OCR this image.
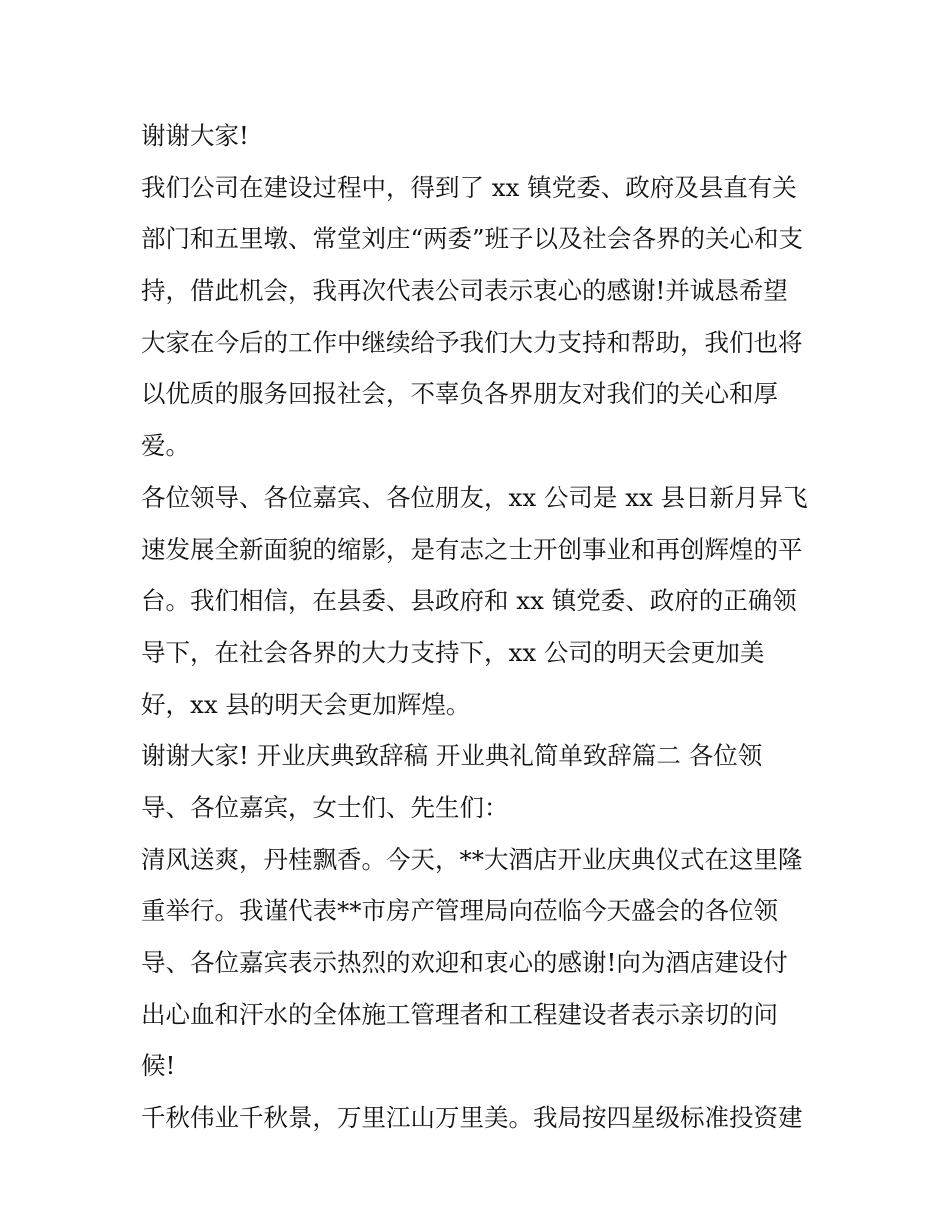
谢谢大家!
我们公司在建设过程中，得到了 xx 镇党委、政府及县直有关
部门和五里墩、常堂刘庄“两委”班子以及社会各界的关心和支
持，借此机会，我再次代表公司表示衷心的感谢!并诚恳希望
大家在今后的工作中继续给予我们大力支持和帮助，我们也将
以优质的服务回报社会，不辜负各界朋友对我们的关心和厚
爱。
各位领导、各位嘉宾、各位朋友，xx 公司是 xx 县日新月异飞
速发展全新面貌的缩影，是有志之士开创事业和再创辉煌的平
台。我们相信，在县委、县政府和 xx 镇党委、政府的正确领
导下，在社会各界的大力支持下，xx 公司的明天会更加美
好，xx 县的明天会更加辉煌。
谢谢大家! 开业庆典致辞稿 开业典礼简单致辞篇二 各位领
导、各位嘉宾，女士们、先生们：
清风送爽，丹桂飘香。今天，**大酒店开业庆典仪式在这里隆
重举行。我谨代表**市房产管理局向莅临今天盛会的各位领
导、各位嘉宾表示热烈的欢迎和衷心的感谢!向为酒店建设付
出心血和汗水的全体施工管理者和工程建设者表示亲切的问
候!
千秋伟业千秋景，万里江山万里美。我局按四星级标准投资建
